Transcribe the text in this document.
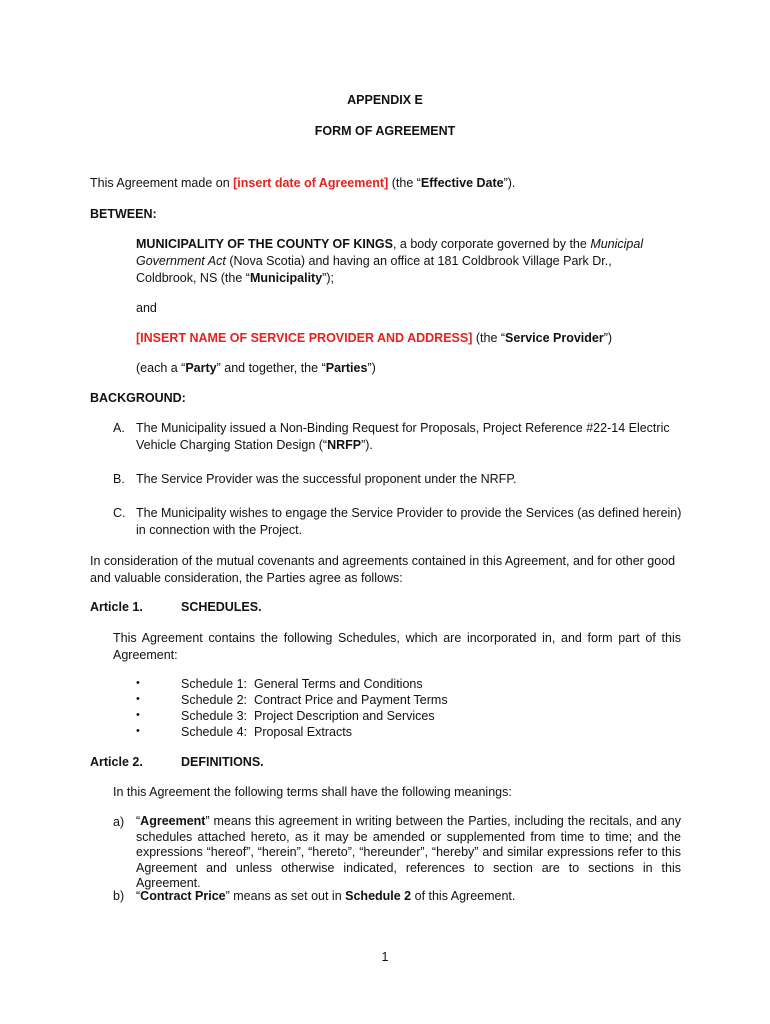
APPENDIX E
FORM OF AGREEMENT
This Agreement made on [insert date of Agreement] (the “Effective Date”).
BETWEEN:
MUNICIPALITY OF THE COUNTY OF KINGS, a body corporate governed by the Municipal Government Act (Nova Scotia) and having an office at 181 Coldbrook Village Park Dr., Coldbrook, NS (the “Municipality”);
and
[INSERT NAME OF SERVICE PROVIDER AND ADDRESS] (the “Service Provider”)
(each a “Party” and together, the “Parties”)
BACKGROUND:
A. The Municipality issued a Non-Binding Request for Proposals, Project Reference #22-14 Electric Vehicle Charging Station Design (“NRFP”).
B. The Service Provider was the successful proponent under the NRFP.
C. The Municipality wishes to engage the Service Provider to provide the Services (as defined herein) in connection with the Project.
In consideration of the mutual covenants and agreements contained in this Agreement, and for other good and valuable consideration, the Parties agree as follows:
Article 1.	SCHEDULES.
This Agreement contains the following Schedules, which are incorporated in, and form part of this Agreement:
•	Schedule 1: General Terms and Conditions
•	Schedule 2: Contract Price and Payment Terms
•	Schedule 3: Project Description and Services
•	Schedule 4: Proposal Extracts
Article 2.	DEFINITIONS.
In this Agreement the following terms shall have the following meanings:
a) “Agreement” means this agreement in writing between the Parties, including the recitals, and any schedules attached hereto, as it may be amended or supplemented from time to time; and the expressions “hereof”, “herein”, “hereto”, “hereunder”, “hereby” and similar expressions refer to this Agreement and unless otherwise indicated, references to section are to sections in this Agreement.
b) “Contract Price” means as set out in Schedule 2 of this Agreement.
1
